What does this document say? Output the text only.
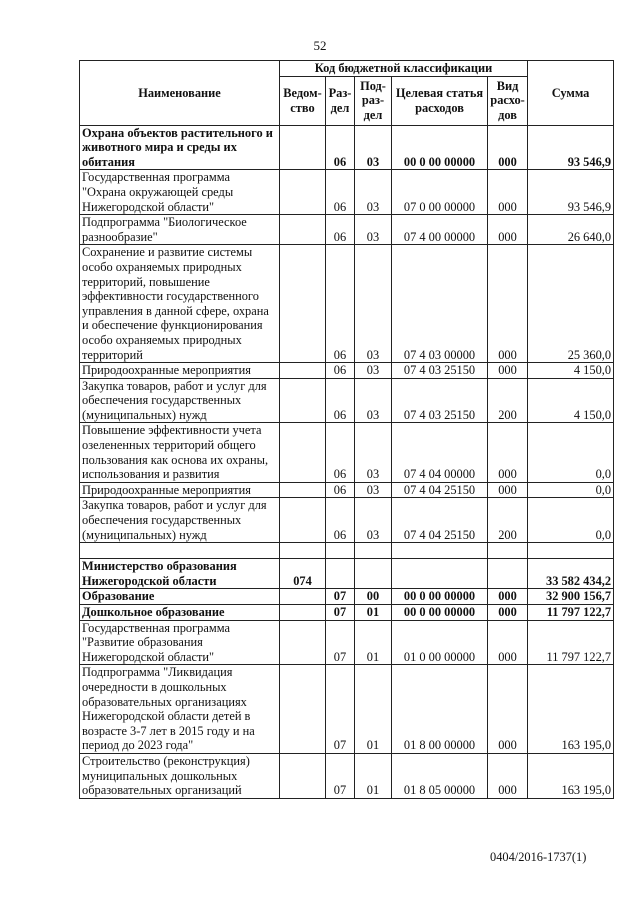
52
Наименование	Код бюджетной классификации					Сумма
	Ведом-ство	Раз-дел	Под-раз-дел	Целевая статья расходов	Вид расхо-дов	
Охрана объектов растительного и животного мира и среды их обитания		06	03	00 0 00 00000	000	93 546,9
Государственная программа "Охрана окружающей среды Нижегородской области"		06	03	07 0 00 00000	000	93 546,9
Подпрограмма "Биологическое разнообразие"		06	03	07 4 00 00000	000	26 640,0
Сохранение и развитие системы особо охраняемых природных территорий, повышение эффективности государственного управления в данной сфере, охрана и обеспечение функционирования особо охраняемых природных территорий		06	03	07 4 03 00000	000	25 360,0
Природоохранные мероприятия		06	03	07 4 03 25150	000	4 150,0
Закупка товаров, работ и услуг для обеспечения государственных (муниципальных) нужд		06	03	07 4 03 25150	200	4 150,0
Повышение эффективности учета озелененных территорий общего пользования как основа их охраны, использования и развития		06	03	07 4 04 00000	000	0,0
Природоохранные мероприятия		06	03	07 4 04 25150	000	0,0
Закупка товаров, работ и услуг для обеспечения государственных (муниципальных) нужд		06	03	07 4 04 25150	200	0,0

Министерство образования Нижегородской области	074					33 582 434,2
Образование		07	00	00 0 00 00000	000	32 900 156,7
Дошкольное образование		07	01	00 0 00 00000	000	11 797 122,7
Государственная программа "Развитие образования Нижегородской области"		07	01	01 0 00 00000	000	11 797 122,7
Подпрограмма "Ликвидация очередности в дошкольных образовательных организациях Нижегородской области детей в возрасте 3-7 лет в 2015 году и на период до 2023 года"		07	01	01 8 00 00000	000	163 195,0
Строительство (реконструкция) муниципальных дошкольных образовательных организаций		07	01	01 8 05 00000	000	163 195,0
0404/2016-1737(1)
